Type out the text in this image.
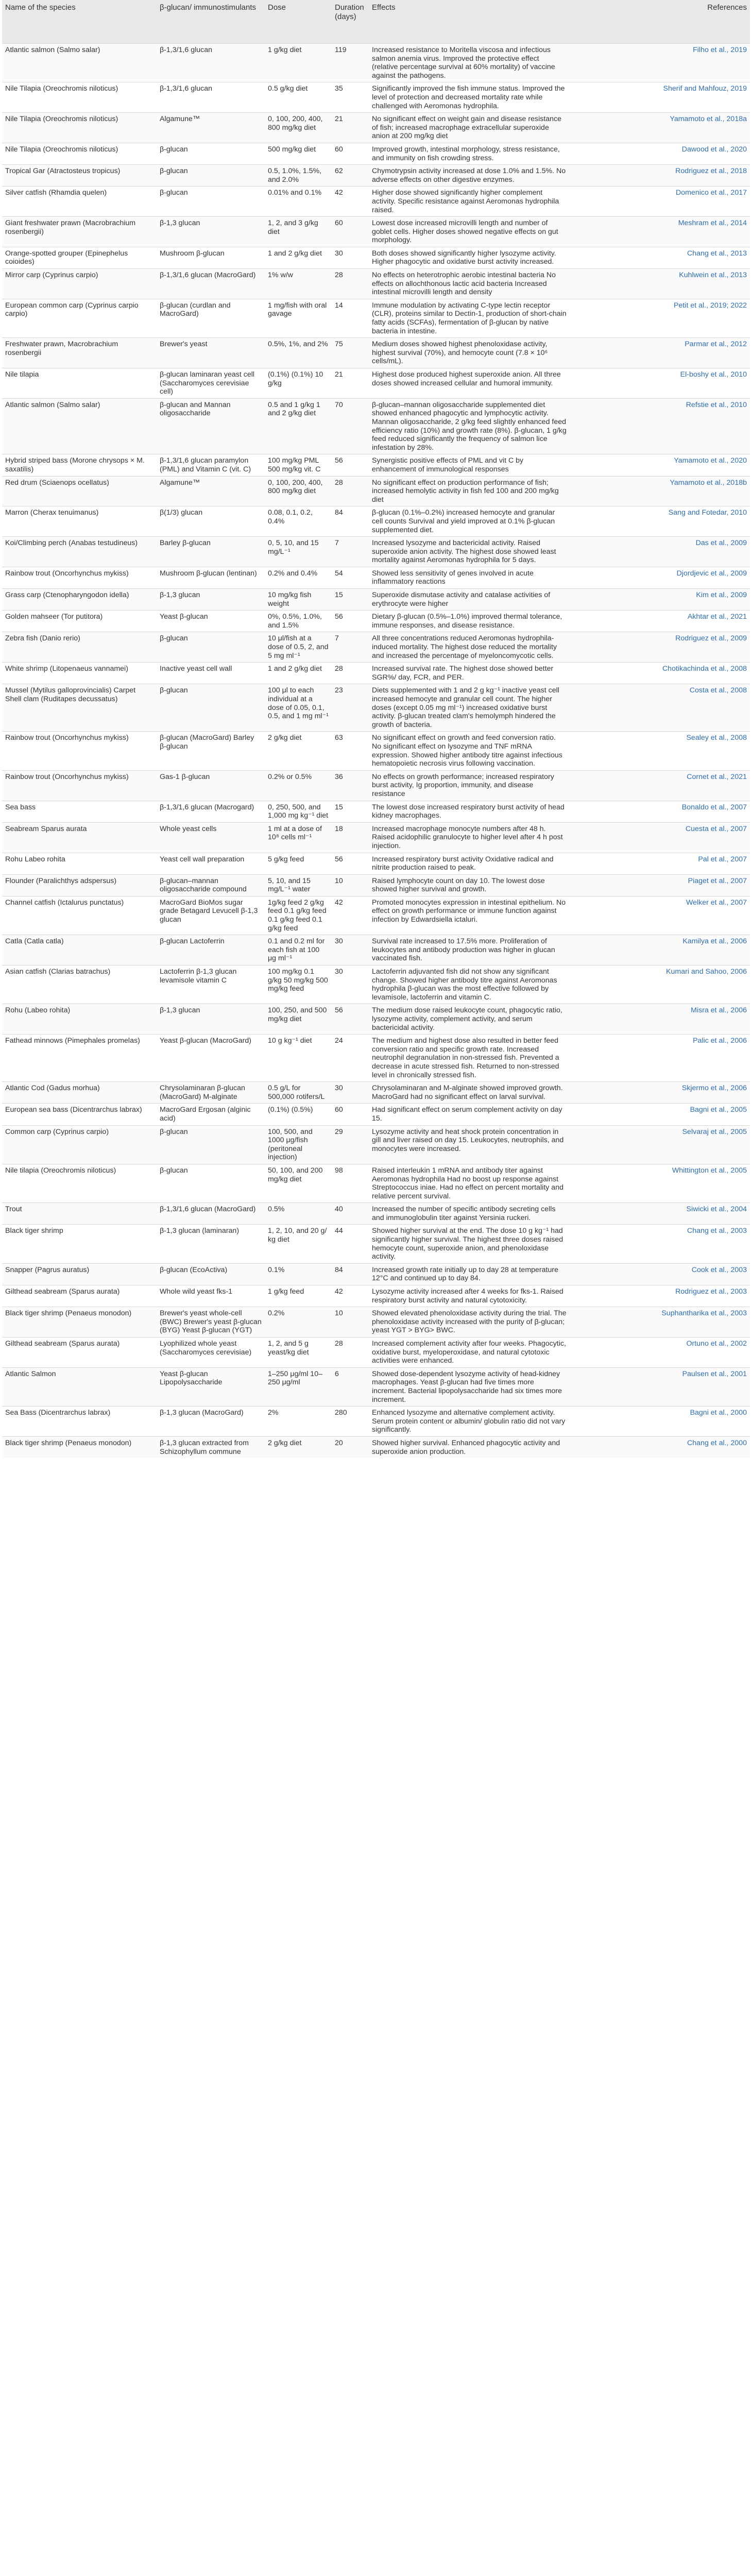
Name of the species	β-glucan/ immunostimulants	Dose	Duration (days)	Effects	References
Atlantic salmon (Salmo salar)	β-1,3/1,6 glucan	1 g/kg diet	119	Increased resistance to Moritella viscosa and infectious salmon anemia virus. Improved the protective effect (relative percentage survival at 60% mortality) of vaccine against the pathogens.	Filho et al., 2019
Nile Tilapia (Oreochromis niloticus)	β-1,3/1,6 glucan	0.5 g/kg diet	35	Significantly improved the fish immune status. Improved the level of protection and decreased mortality rate while challenged with Aeromonas hydrophila.	Sherif and Mahfouz, 2019
Nile Tilapia (Oreochromis niloticus)	Algamune™	0, 100, 200, 400, 800 mg/kg diet	21	No significant effect on weight gain and disease resistance of fish; increased macrophage extracellular superoxide anion at 200 mg/kg diet	Yamamoto et al., 2018a
Nile Tilapia (Oreochromis niloticus)	β-glucan	500 mg/kg diet	60	Improved growth, intestinal morphology, stress resistance, and immunity on fish crowding stress.	Dawood et al., 2020
Tropical Gar (Atractosteus tropicus)	β-glucan	0.5, 1.0%, 1.5%, and 2.0%	62	Chymotrypsin activity increased at dose 1.0% and 1.5%. No adverse effects on other digestive enzymes.	Rodriguez et al., 2018
Silver catfish (Rhamdia quelen)	β-glucan	0.01% and 0.1%	42	Higher dose showed significantly higher complement activity. Specific resistance against Aeromonas hydrophila raised.	Domenico et al., 2017
Giant freshwater prawn (Macrobrachium rosenbergii)	β-1,3 glucan	1, 2, and 3 g/kg diet	60	Lowest dose increased microvilli length and number of goblet cells. Higher doses showed negative effects on gut morphology.	Meshram et al., 2014
Orange-spotted grouper (Epinephelus coioides)	Mushroom β-glucan	1 and 2 g/kg diet	30	Both doses showed significantly higher lysozyme activity. Higher phagocytic and oxidative burst activity increased.	Chang et al., 2013
Mirror carp (Cyprinus carpio)	β-1,3/1,6 glucan (MacroGard)	1% w/w	28	No effects on heterotrophic aerobic intestinal bacteria No effects on allochthonous lactic acid bacteria Increased intestinal microvilli length and density	Kuhlwein et al., 2013
European common carp (Cyprinus carpio carpio)	β-glucan (curdlan and MacroGard)	1 mg/fish with oral gavage	14	Immune modulation by activating C-type lectin receptor (CLR), proteins similar to Dectin-1, production of short-chain fatty acids (SCFAs), fermentation of β-glucan by native bacteria in intestine.	Petit et al., 2019; 2022
Freshwater prawn, Macrobrachium rosenbergii	Brewer's yeast	0.5%, 1%, and 2%	75	Medium doses showed highest phenoloxidase activity, highest survival (70%), and hemocyte count (7.8 × 10⁶ cells/mL).	Parmar et al., 2012
Nile tilapia	β-glucan laminaran yeast cell (Saccharomyces cerevisiae cell)	(0.1%) (0.1%) 10 g/kg	21	Highest dose produced highest superoxide anion. All three doses showed increased cellular and humoral immunity.	El-boshy et al., 2010
Atlantic salmon (Salmo salar)	β-glucan and Mannan oligosaccharide	0.5 and 1 g/kg 1 and 2 g/kg diet	70	β-glucan–mannan oligosaccharide supplemented diet showed enhanced phagocytic and lymphocytic activity. Mannan oligosaccharide, 2 g/kg feed slightly enhanced feed efficiency ratio (10%) and growth rate (8%). β-glucan, 1 g/kg feed reduced significantly the frequency of salmon lice infestation by 28%.	Refstie et al., 2010
Hybrid striped bass (Morone chrysops × M. saxatilis)	β-1,3/1,6 glucan paramylon (PML) and Vitamin C (vit. C)	100 mg/kg PML 500 mg/kg vit. C	56	Synergistic positive effects of PML and vit C by enhancement of immunological responses	Yamamoto et al., 2020
Red drum (Sciaenops ocellatus)	Algamune™	0, 100, 200, 400, 800 mg/kg diet	28	No significant effect on production performance of fish; increased hemolytic activity in fish fed 100 and 200 mg/kg diet	Yamamoto et al., 2018b
Marron (Cherax tenuimanus)	β(1/3) glucan	0.08, 0.1, 0.2, 0.4%	84	β-glucan (0.1%–0.2%) increased hemocyte and granular cell counts Survival and yield improved at 0.1% β-glucan supplemented diet.	Sang and Fotedar, 2010
Koi/Climbing perch (Anabas testudineus)	Barley β-glucan	0, 5, 10, and 15 mg/L⁻¹	7	Increased lysozyme and bactericidal activity. Raised superoxide anion activity. The highest dose showed least mortality against Aeromonas hydrophila for 5 days.	Das et al., 2009
Rainbow trout (Oncorhynchus mykiss)	Mushroom β-glucan (lentinan)	0.2% and 0.4%	54	Showed less sensitivity of genes involved in acute inflammatory reactions	Djordjevic et al., 2009
Grass carp (Ctenopharyngodon idella)	β-1,3 glucan	10 mg/kg fish weight	15	Superoxide dismutase activity and catalase activities of erythrocyte were higher	Kim et al., 2009
Golden mahseer (Tor putitora)	Yeast β-glucan	0%, 0.5%, 1.0%, and 1.5%	56	Dietary β-glucan (0.5%–1.0%) improved thermal tolerance, immune responses, and disease resistance.	Akhtar et al., 2021
Zebra fish (Danio rerio)	β-glucan	10 μl/fish at a dose of 0.5, 2, and 5 mg ml⁻¹	7	All three concentrations reduced Aeromonas hydrophila-induced mortality. The highest dose reduced the mortality and increased the percentage of myeloncomycotic cells.	Rodriguez et al., 2009
White shrimp (Litopenaeus vannamei)	Inactive yeast cell wall	1 and 2 g/kg diet	28	Increased survival rate. The highest dose showed better SGR%/ day, FCR, and PER.	Chotikachinda et al., 2008
Mussel (Mytilus galloprovincialis) Carpet Shell clam (Ruditapes decussatus)	β-glucan	100 μl to each individual at a dose of 0.05, 0.1, 0.5, and 1 mg ml⁻¹	23	Diets supplemented with 1 and 2 g kg⁻¹ inactive yeast cell increased hemocyte and granular cell count. The higher doses (except 0.05 mg ml⁻¹) increased oxidative burst activity. β-glucan treated clam's hemolymph hindered the growth of bacteria.	Costa et al., 2008
Rainbow trout (Oncorhynchus mykiss)	β-glucan (MacroGard) Barley β-glucan	2 g/kg diet	63	No significant effect on growth and feed conversion ratio. No significant effect on lysozyme and TNF mRNA expression. Showed higher antibody titre against infectious hematopoietic necrosis virus following vaccination.	Sealey et al., 2008
Rainbow trout (Oncorhynchus mykiss)	Gas-1 β-glucan	0.2% or 0.5%	36	No effects on growth performance; increased respiratory burst activity, Ig proportion, immunity, and disease resistance	Cornet et al., 2021
Sea bass	β-1,3/1,6 glucan (Macrogard)	0, 250, 500, and 1,000 mg kg⁻¹ diet	15	The lowest dose increased respiratory burst activity of head kidney macrophages.	Bonaldo et al., 2007
Seabream Sparus aurata	Whole yeast cells	1 ml at a dose of 10⁸ cells ml⁻¹	18	Increased macrophage monocyte numbers after 48 h. Raised acidophilic granulocyte to higher level after 4 h post injection.	Cuesta et al., 2007
Rohu Labeo rohita	Yeast cell wall preparation	5 g/kg feed	56	Increased respiratory burst activity Oxidative radical and nitrite production raised to peak.	Pal et al., 2007
Flounder (Paralichthys adspersus)	β-glucan–mannan oligosaccharide compound	5, 10, and 15 mg/L⁻¹ water	10	Raised lymphocyte count on day 10. The lowest dose showed higher survival and growth.	Piaget et al., 2007
Channel catfish (Ictalurus punctatus)	MacroGard BioMos sugar grade Betagard Levucell β-1,3 glucan	1g/kg feed 2 g/kg feed 0.1 g/kg feed 0.1 g/kg feed 0.1 g/kg feed	42	Promoted monocytes expression in intestinal epithelium. No effect on growth performance or immune function against infection by Edwardsiella ictaluri.	Welker et al., 2007
Catla (Catla catla)	β-glucan Lactoferrin	0.1 and 0.2 ml for each fish at 100 μg ml⁻¹	30	Survival rate increased to 17.5% more. Proliferation of leukocytes and antibody production was higher in glucan vaccinated fish.	Kamilya et al., 2006
Asian catfish (Clarias batrachus)	Lactoferrin β-1,3 glucan levamisole vitamin C	100 mg/kg 0.1 g/kg 50 mg/kg 500 mg/kg feed	30	Lactoferrin adjuvanted fish did not show any significant change. Showed higher antibody titre against Aeromonas hydrophila β-glucan was the most effective followed by levamisole, lactoferrin and vitamin C.	Kumari and Sahoo, 2006
Rohu (Labeo rohita)	β-1,3 glucan	100, 250, and 500 mg/kg diet	56	The medium dose raised leukocyte count, phagocytic ratio, lysozyme activity, complement activity, and serum bactericidal activity.	Misra et al., 2006
Fathead minnows (Pimephales promelas)	Yeast β-glucan (MacroGard)	10 g kg⁻¹ diet	24	The medium and highest dose also resulted in better feed conversion ratio and specific growth rate. Increased neutrophil degranulation in non-stressed fish. Prevented a decrease in acute stressed fish. Returned to non-stressed level in chronically stressed fish.	Palic et al., 2006
Atlantic Cod (Gadus morhua)	Chrysolaminaran β-glucan (MacroGard) M-alginate	0.5 g/L for 500,000 rotifers/L	30	Chrysolaminaran and M-alginate showed improved growth. MacroGard had no significant effect on larval survival.	Skjermo et al., 2006
European sea bass (Dicentrarchus labrax)	MacroGard Ergosan (alginic acid)	(0.1%) (0.5%)	60	Had significant effect on serum complement activity on day 15.	Bagni et al., 2005
Common carp (Cyprinus carpio)	β-glucan	100, 500, and 1000 μg/fish (peritoneal injection)	29	Lysozyme activity and heat shock protein concentration in gill and liver raised on day 15. Leukocytes, neutrophils, and monocytes were increased.	Selvaraj et al., 2005
Nile tilapia (Oreochromis niloticus)	β-glucan	50, 100, and 200 mg/kg diet	98	Raised interleukin 1 mRNA and antibody titer against Aeromonas hydrophila Had no boost up response against Streptococcus iniae. Had no effect on percent mortality and relative percent survival.	Whittington et al., 2005
Trout	β-1,3/1,6 glucan (MacroGard)	0.5%	40	Increased the number of specific antibody secreting cells and immunoglobulin titer against Yersinia ruckeri.	Siwicki et al., 2004
Black tiger shrimp	β-1,3 glucan (laminaran)	1, 2, 10, and 20 g/ kg diet	44	Showed higher survival at the end. The dose 10 g kg⁻¹ had significantly higher survival. The highest three doses raised hemocyte count, superoxide anion, and phenoloxidase activity.	Chang et al., 2003
Snapper (Pagrus auratus)	β-glucan (EcoActiva)	0.1%	84	Increased growth rate initially up to day 28 at temperature 12°C and continued up to day 84.	Cook et al., 2003
Gilthead seabream (Sparus aurata)	Whole wild yeast fks-1	1 g/kg feed	42	Lysozyme activity increased after 4 weeks for fks-1. Raised respiratory burst activity and natural cytotoxicity.	Rodriguez et al., 2003
Black tiger shrimp (Penaeus monodon)	Brewer's yeast whole-cell (BWC) Brewer's yeast β-glucan (BYG) Yeast β-glucan (YGT)	0.2%	10	Showed elevated phenoloxidase activity during the trial. The phenoloxidase activity increased with the purity of β-glucan; yeast YGT > BYG> BWC.	Suphantharika et al., 2003
Gilthead seabream (Sparus aurata)	Lyophilized whole yeast (Saccharomyces cerevisiae)	1, 2, and 5 g yeast/kg diet	28	Increased complement activity after four weeks. Phagocytic, oxidative burst, myeloperoxidase, and natural cytotoxic activities were enhanced.	Ortuno et al., 2002
Atlantic Salmon	Yeast β-glucan Lipopolysaccharide	1–250 μg/ml 10–250 μg/ml	6	Showed dose-dependent lysozyme activity of head-kidney macrophages. Yeast β-glucan had five times more increment. Bacterial lipopolysaccharide had six times more increment.	Paulsen et al., 2001
Sea Bass (Dicentrarchus labrax)	β-1,3 glucan (MacroGard)	2%	280	Enhanced lysozyme and alternative complement activity. Serum protein content or albumin/ globulin ratio did not vary significantly.	Bagni et al., 2000
Black tiger shrimp (Penaeus monodon)	β-1,3 glucan extracted from Schizophyllum commune	2 g/kg diet	20	Showed higher survival. Enhanced phagocytic activity and superoxide anion production.	Chang et al., 2000
